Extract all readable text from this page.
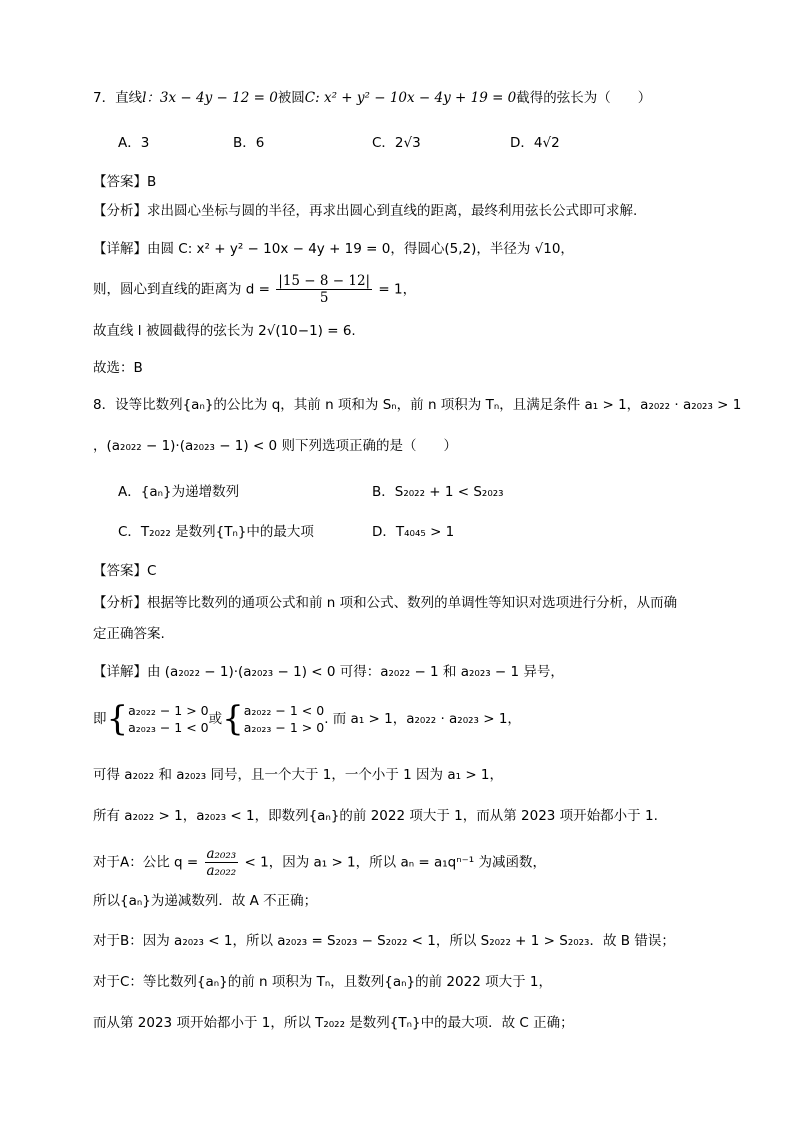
7．直线l：3x − 4y − 12 = 0被圆C: x² + y² − 10x − 4y + 19 = 0截得的弦长为（　　）
A．3	B．6	C．2√3	D．4√2
【答案】B
【分析】求出圆心坐标与圆的半径，再求出圆心到直线的距离，最终利用弦长公式即可求解.
【详解】由圆 C: x² + y² − 10x − 4y + 19 = 0，得圆心(5,2)，半径为 √10，
则，圆心到直线的距离为 $d = \frac{|15 - 8 - 12|}{5} = 1$，
故直线 l 被圆截得的弦长为 2√(10−1) = 6.
故选：B
8．设等比数列{aₙ}的公比为 q，其前 n 项和为 Sₙ，前 n 项积为 Tₙ，且满足条件 a₁ > 1，a₂₀₂₂ · a₂₀₂₃ > 1
，(a₂₀₂₂ − 1)·(a₂₀₂₃ − 1) < 0 则下列选项正确的是（　　）
A．{aₙ}为递增数列	B．S₂₀₂₂ + 1 < S₂₀₂₃
C．T₂₀₂₂ 是数列{Tₙ}中的最大项	D．T₄₀₄₅ > 1
【答案】C
【分析】根据等比数列的通项公式和前 n 项和公式、数列的单调性等知识对选项进行分析，从而确
定正确答案.
【详解】由 (a₂₀₂₂ − 1)·(a₂₀₂₃ − 1) < 0 可得：a₂₀₂₂ − 1 和 a₂₀₂₃ − 1 异号，
即{a₂₀₂₂ − 1 > 0
a₂₀₂₃ − 1 < 0或{a₂₀₂₂ − 1 < 0
a₂₀₂₃ − 1 > 0. 而 a₁ > 1，a₂₀₂₂ · a₂₀₂₃ > 1，
可得 a₂₀₂₂ 和 a₂₀₂₃ 同号，且一个大于 1，一个小于 1 因为 a₁ > 1，
所有 a₂₀₂₂ > 1，a₂₀₂₃ < 1，即数列{aₙ}的前 2022 项大于 1，而从第 2023 项开始都小于 1.
对于A：公比 $q = \frac{\text{a₂₀₂₃}}{\text{a₂₀₂₂}} < 1$，因为 a₁ > 1，所以 aₙ = a₁qⁿ⁻¹ 为减函数，
所以{aₙ}为递减数列．故 A 不正确；
对于B：因为 a₂₀₂₃ < 1，所以 a₂₀₂₃ = S₂₀₂₃ − S₂₀₂₂ < 1，所以 S₂₀₂₂ + 1 > S₂₀₂₃．故 B 错误；
对于C：等比数列{aₙ}的前 n 项积为 Tₙ，且数列{aₙ}的前 2022 项大于 1，
而从第 2023 项开始都小于 1，所以 T₂₀₂₂ 是数列{Tₙ}中的最大项．故 C 正确；
